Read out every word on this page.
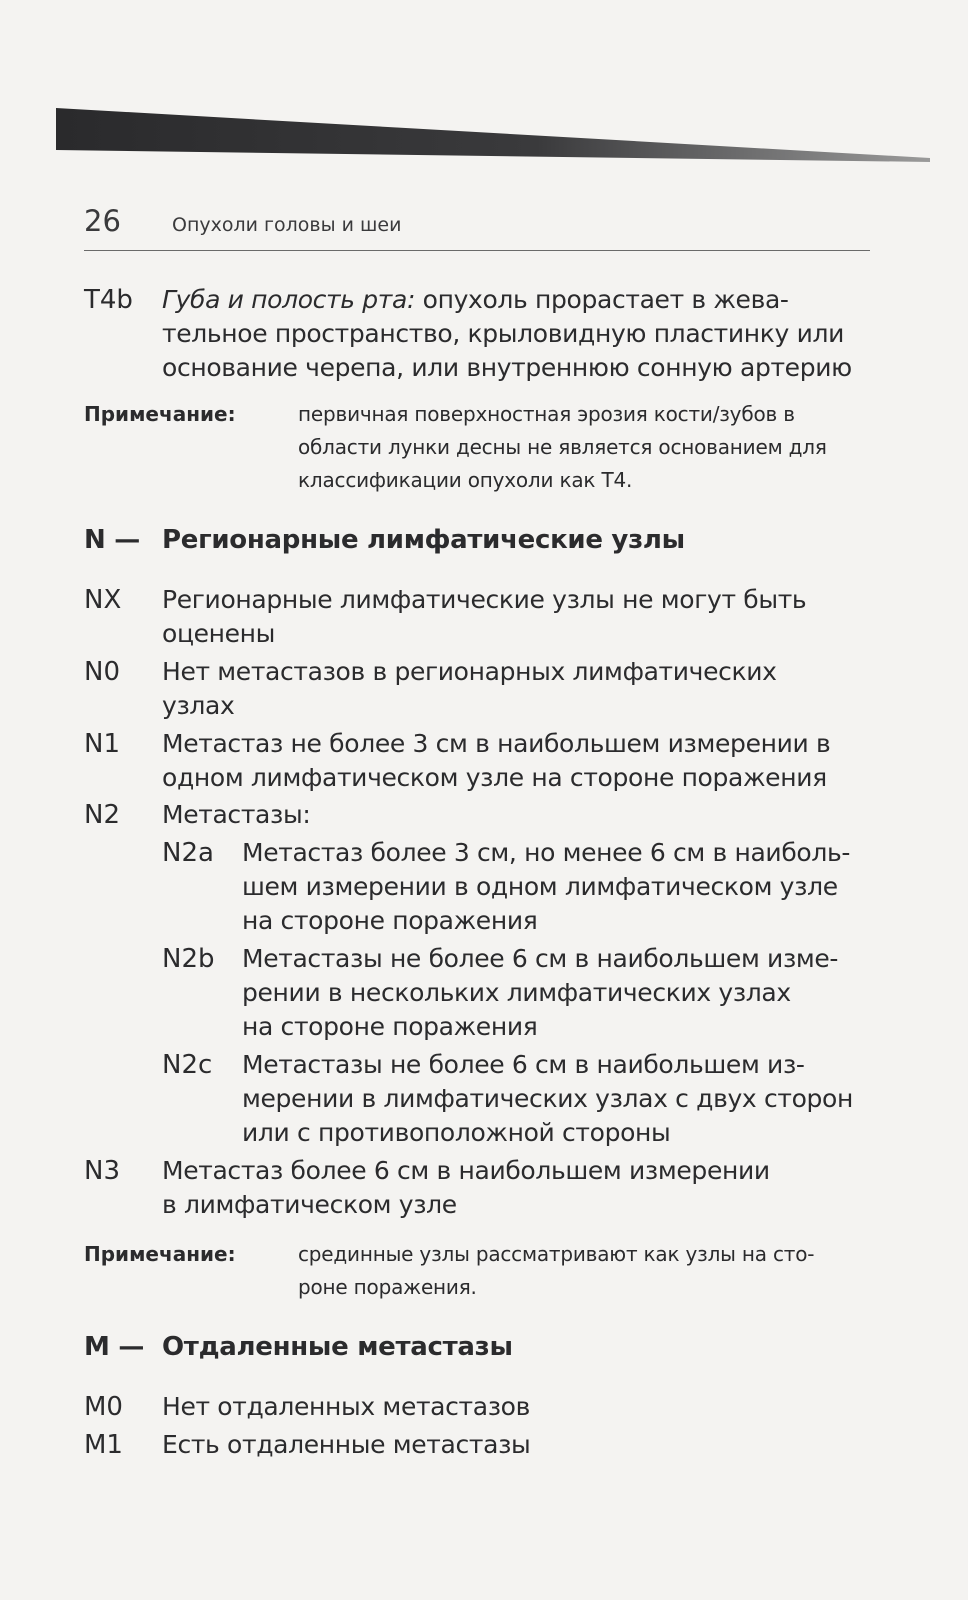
26	Опухоли головы и шеи
T4b	Губа и полость рта: опухоль прорастает в жева-
тельное пространство, крыловидную пластинку или
основание черепа, или внутреннюю сонную артерию
Примечание:	первичная поверхностная эрозия кости/зубов в
области лунки десны не является основанием для
классификации опухоли как T4.
N — Регионарные лимфатические узлы
NX	Регионарные лимфатические узлы не могут быть
оценены
N0	Нет метастазов в регионарных лимфатических
узлах
N1	Метастаз не более 3 см в наибольшем измерении в
одном лимфатическом узле на стороне поражения
N2	Метастазы:
N2a	Метастаз более 3 см, но менее 6 см в наиболь-
шем измерении в одном лимфатическом узле
на стороне поражения
N2b	Метастазы не более 6 см в наибольшем изме-
рении в нескольких лимфатических узлах
на стороне поражения
N2c	Метастазы не более 6 см в наибольшем из-
мерении в лимфатических узлах с двух сторон
или с противоположной стороны
N3	Метастаз более 6 см в наибольшем измерении
в лимфатическом узле
Примечание:	срединные узлы рассматривают как узлы на сто-
роне поражения.
M — Отдаленные метастазы
M0	Нет отдаленных метастазов
M1	Есть отдаленные метастазы
